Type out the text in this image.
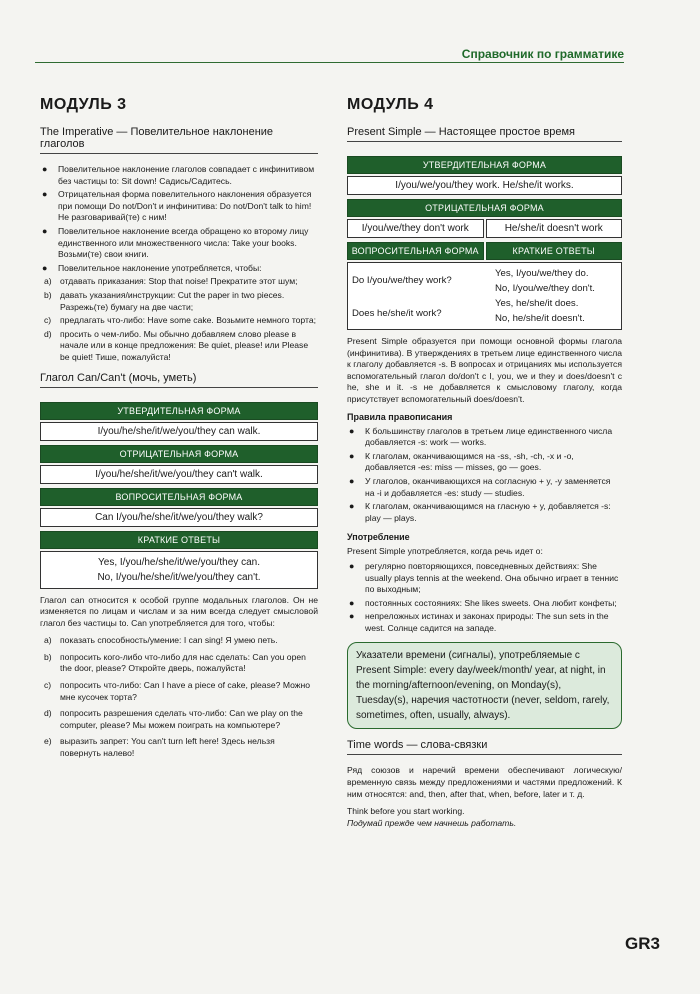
Справочник по грамматике
МОДУЛЬ 3
The Imperative — Повелительное наклонение глаголов
● Повелительное наклонение глаголов совпадает с инфинитивом без частицы to: Sit down! Садись/Садитесь.
● Отрицательная форма повелительного наклонения образуется при помощи Do not/Don't и инфинитива: Do not/Don't talk to him! Не разговаривай(те) с ним!
● Повелительное наклонение всегда обращено ко второму лицу единственного или множественного числа: Take your books. Возьми(те) свои книги.
● Повелительное наклонение употребляется, чтобы:
a) отдавать приказания: Stop that noise! Прекратите этот шум;
b) давать указания/инструкции: Cut the paper in two pieces. Разрежь(те) бумагу на две части;
c) предлагать что-либо: Have some cake. Возьмите немного торта;
d) просить о чем-либо. Мы обычно добавляем слово please в начале или в конце предложения: Be quiet, please! или Please be quiet! Тише, пожалуйста!
Глагол Can/Can't (мочь, уметь)
УТВЕРДИТЕЛЬНАЯ ФОРМА
I/you/he/she/it/we/you/they can walk.
ОТРИЦАТЕЛЬНАЯ ФОРМА
I/you/he/she/it/we/you/they can't walk.
ВОПРОСИТЕЛЬНАЯ ФОРМА
Can I/you/he/she/it/we/you/they walk?
КРАТКИЕ ОТВЕТЫ
Yes, I/you/he/she/it/we/you/they can.
No, I/you/he/she/it/we/you/they can't.
Глагол can относится к особой группе модальных глаголов. Он не изменяется по лицам и числам и за ним всегда следует смысловой глагол без частицы to. Can употребляется для того, чтобы:
a) показать способность/умение: I can sing! Я умею петь.
b) попросить кого-либо что-либо для нас сделать: Can you open the door, please? Откройте дверь, пожалуйста!
c) попросить что-либо: Can I have a piece of cake, please? Можно мне кусочек торта?
d) попросить разрешения сделать что-либо: Can we play on the computer, please? Мы можем поиграть на компьютере?
e) выразить запрет: You can't turn left here! Здесь нельзя повернуть налево!
МОДУЛЬ 4
Present Simple — Настоящее простое время
УТВЕРДИТЕЛЬНАЯ ФОРМА
I/you/we/you/they work. He/she/it works.
ОТРИЦАТЕЛЬНАЯ ФОРМА
I/you/we/they don't work	He/she/it doesn't work
ВОПРОСИТЕЛЬНАЯ ФОРМА	КРАТКИЕ ОТВЕТЫ
Do I/you/we/they work?
Does he/she/it work?
Yes, I/you/we/they do.
No, I/you/we/they don't.
Yes, he/she/it does.
No, he/she/it doesn't.
Present Simple образуется при помощи основной формы глагола (инфинитива). В утверждениях в третьем лице единственного числа к глаголу добавляется -s. В вопросах и отрицаниях мы используется вспомогательный глагол do/don't с I, you, we и they и does/doesn't с he, she и it. -s не добавляется к смысловому глаголу, когда присутствует вспомогательный does/doesn't.
Правила правописания
● К большинству глаголов в третьем лице единственного числа добавляется -s: work — works.
● К глаголам, оканчивающимся на -ss, -sh, -ch, -x и -o, добавляется -es: miss — misses, go — goes.
● У глаголов, оканчивающихся на согласную + y, -y заменяется на -i и добавляется -es: study — studies.
● К глаголам, оканчивающимся на гласную + y, добавляется -s: play — plays.
Употребление
Present Simple употребляется, когда речь идет о:
● регулярно повторяющихся, повседневных действиях: She usually plays tennis at the weekend. Она обычно играет в теннис по выходным;
● постоянных состояниях: She likes sweets. Она любит конфеты;
● непреложных истинах и законах природы: The sun sets in the west. Солнце садится на западе.
Указатели времени (сигналы), употребляемые с Present Simple: every day/week/month/ year, at night, in the morning/afternoon/evening, on Monday(s), Tuesday(s), наречия частотности (never, seldom, rarely, sometimes, often, usually, always).
Time words — слова-связки
Ряд союзов и наречий времени обеспечивают логическую/временную связь между предложениями и частями предложений. К ним относятся: and, then, after that, when, before, later и т. д.
Think before you start working.
Подумай прежде чем начнешь работать.
GR3
